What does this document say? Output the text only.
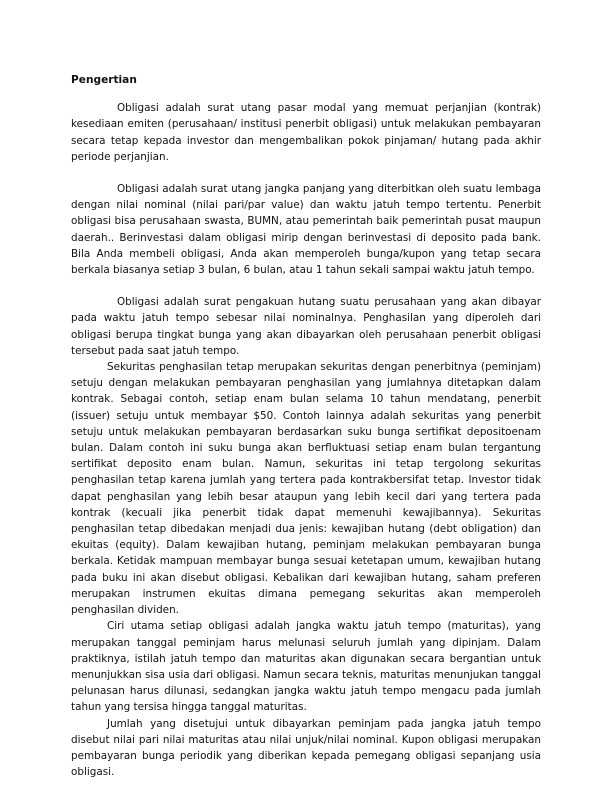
Pengertian

Obligasi adalah surat utang pasar modal yang memuat perjanjian (kontrak) kesediaan emiten (perusahaan/ institusi penerbit obligasi) untuk melakukan pembayaran secara tetap kepada investor dan mengembalikan pokok pinjaman/ hutang pada akhir periode perjanjian.

Obligasi adalah surat utang jangka panjang yang diterbitkan oleh suatu lembaga dengan nilai nominal (nilai pari/par value) dan waktu jatuh tempo tertentu. Penerbit obligasi bisa perusahaan swasta, BUMN, atau pemerintah baik pemerintah pusat maupun daerah.. Berinvestasi dalam obligasi mirip dengan berinvestasi di deposito pada bank. Bila Anda membeli obligasi, Anda akan memperoleh bunga/kupon yang tetap secara berkala biasanya setiap 3 bulan, 6 bulan, atau 1 tahun sekali sampai waktu jatuh tempo.

Obligasi adalah surat pengakuan hutang suatu perusahaan yang akan dibayar pada waktu jatuh tempo sebesar nilai nominalnya. Penghasilan yang diperoleh dari obligasi berupa tingkat bunga yang akan dibayarkan oleh perusahaan penerbit obligasi tersebut pada saat jatuh tempo.

Sekuritas penghasilan tetap merupakan sekuritas dengan penerbitnya (peminjam) setuju dengan melakukan pembayaran penghasilan yang jumlahnya ditetapkan dalam kontrak. Sebagai contoh, setiap enam bulan selama 10 tahun mendatang, penerbit (issuer) setuju untuk membayar $50. Contoh lainnya adalah sekuritas yang penerbit setuju untuk melakukan pembayaran berdasarkan suku bunga sertifikat depositoenam bulan. Dalam contoh ini suku bunga akan berfluktuasi setiap enam bulan tergantung sertifikat deposito enam bulan. Namun, sekuritas ini tetap tergolong sekuritas penghasilan tetap karena jumlah yang tertera pada kontrakbersifat tetap. Investor tidak dapat penghasilan yang lebih besar ataupun yang lebih kecil dari yang tertera pada kontrak (kecuali jika penerbit tidak dapat memenuhi kewajibannya). Sekuritas penghasilan tetap dibedakan menjadi dua jenis: kewajiban hutang (debt obligation) dan ekuitas (equity). Dalam kewajiban hutang, peminjam melakukan pembayaran bunga berkala. Ketidak mampuan membayar bunga sesuai ketetapan umum, kewajiban hutang pada buku ini akan disebut obligasi. Kebalikan dari kewajiban hutang, saham preferen merupakan instrumen ekuitas dimana pemegang sekuritas akan memperoleh penghasilan dividen.

Ciri utama setiap obligasi adalah jangka waktu jatuh tempo (maturitas), yang merupakan tanggal peminjam harus melunasi seluruh jumlah yang dipinjam. Dalam praktiknya, istilah jatuh tempo dan maturitas akan digunakan secara bergantian untuk menunjukkan sisa usia dari obligasi. Namun secara teknis, maturitas menunjukan tanggal pelunasan harus dilunasi, sedangkan jangka waktu jatuh tempo mengacu pada jumlah tahun yang tersisa hingga tanggal maturitas.

Jumlah yang disetujui untuk dibayarkan peminjam pada jangka jatuh tempo disebut nilai pari nilai maturitas atau nilai unjuk/nilai nominal. Kupon obligasi merupakan pembayaran bunga periodik yang diberikan kepada pemegang obligasi sepanjang usia obligasi.
